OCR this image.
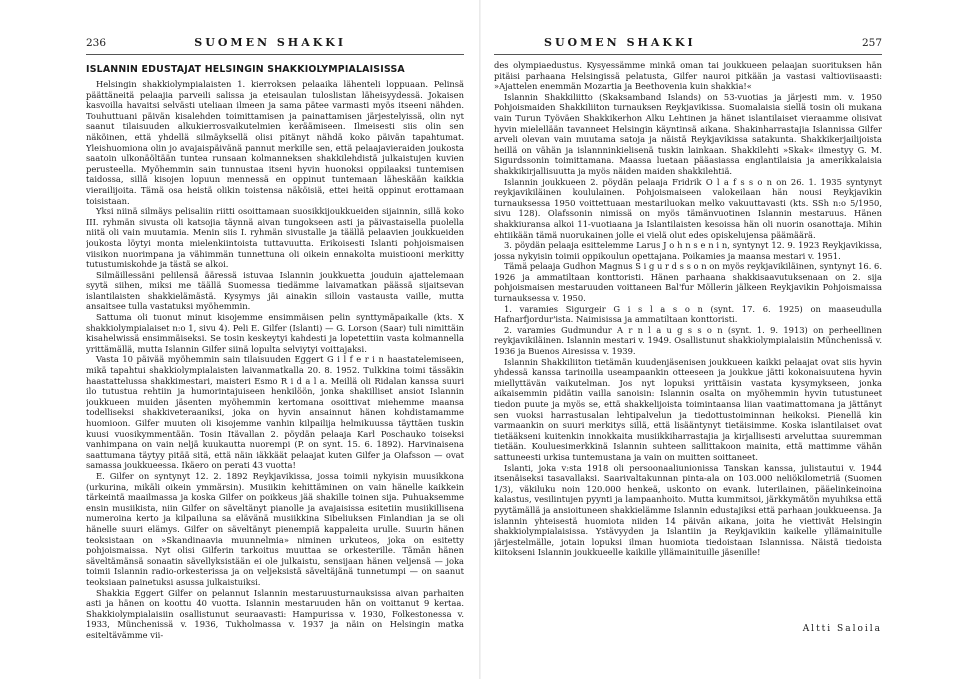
236	SUOMEN SHAKKI
ISLANNIN EDUSTAJAT HELSINGIN SHAKKIOLYMPIALAISISSA

Helsingin shakkiolympialaisten 1. kierroksen pelaaika lähenteli loppuaan. Pelinsä päättäneitä pelaajia parveili salissa ja eteisaulan tuloslistan läheisyydessä. Jokaisen kasvoilla havaitsi selvästi uteliaan ilmeen ja sama pätee varmasti myös itseeni nähden. Touhuttuani päivän kisalehden toimittamisen ja painattamisen järjestelyissä, olin nyt saanut tilaisuuden alkukierrosvaikutelmien keräämiseen. Ilmeisesti siis olin sen näköinen, että yhdellä silmäyksellä olisi pitänyt nähdä koko päivän tapahtumat. Yleishuomiona olin jo avajaispäivänä pannut merkille sen, että pelaajavieraiden joukosta saatoin ulkonäöltään tuntea runsaan kolmanneksen shakkilehdistä julkaistujen kuvien perusteella. Myöhemmin sain tunnustaa itseni hyvin huonoksi oppilaaksi tuntemisen taidossa, sillä kisojen lopuun mennessä en oppinut tuntemaan läheskään kaikkia vierailijoita. Tämä osa heistä olikin toistensa näköisiä, ettei heitä oppinut erottamaan toisistaan.

Yksi niinä silmäys pelisaliin riitti osoittamaan suosikkijoukkueiden sijainnin, sillä koko III. ryhmän sivusta oli katsojia täynnä aivan tungokseen asti ja päivastaisella puolella niitä oli vain muutamia. Menin siis I. ryhmän sivustalle ja täällä pelaavien joukkueiden joukosta löytyi monta mielenkiintoista tuttavuutta. Erikoisesti Islanti pohjoismaisen viisikon nuorimpana ja vähimmän tunnettuna oli oikein ennakolta muistiooni merkitty tutustumiskohde ja tästä se alkoi.

Silmäillessäni pelilensä ääressä istuvaa Islannin joukkuetta jouduin ajattelemaan syytä siihen, miksi me täällä Suomessa tiedämme laivamatkan päässä sijaitsevan islantilaisten shakkielämästä. Kysymys jäi ainakin silloin vastausta vaille, mutta ansaitsee tulla vastatuksi myöhemmin.

Sattuma oli tuonut minut kisojemme ensimmäisen pelin synttymäpaikalle (kts. X shakkiolympialaiset n:o 1, sivu 4). Peli E. Gilfer (Islanti) — G. Lorson (Saar) tuli nimittäin kisahelwissä ensimmäiseksi. Se tosin keskeytyi kahdesti ja lopetettiin vasta kolmannella yrittämällä, mutta Islannin Gilfer siinä lopulta selviytyi voittajaksi.

Vasta 10 päivää myöhemmin sain tilaisuuden Eggert G i l f e r i n haastatelemiseen, mikä tapahtui shakkiolympialaisten laivanmatkalla 20. 8. 1952. Tulkkina toimi tässäkin haastattelussa shakkimestari, maisteri Esmo R i d a l a. Meillä oli Ridalan kanssa suuri ilo tutustua rehtiin ja humorintajuiseen henkilöön, jonka shakilliset ansiot Islannin joukkueen muiden jäsenten myöhemmin kertomana osoittivat miehemme maansa todelliseksi shakkiveteraaniksi, joka on hyvin ansainnut hänen kohdistamamme huomioon. Gilfer muuten oli kisojemme vanhin kilpailija helmikuussa täyttäen tuskin kuusi vuosikymmentään. Tosin Itävallan 2. pöydän pelaaja Karl Poschauko toiseksi vanhimpana on vain neljä kuukautta nuorempi (P. on synt. 15. 6. 1892). Harvinaisena saattumana täytyy pitää sitä, että näin iäkkäät pelaajat kuten Gilfer ja Olafsson — ovat samassa joukkueessa. Ikäero on perati 43 vuotta!

E. Gilfer on syntynyt 12. 2. 1892 Reykjavikissa, jossa toimii nykyisin muusikkona (urkurina, mikäli oikein ymmärsin). Musiikin kehittäminen on vain hänelle kaikkein tärkeintä maailmassa ja koska Gilfer on poikkeus jää shakille toinen sija. Puhuaksemme ensin musiikista, niin Gilfer on säveltänyt pianolle ja avajaisissa esitetiin musiikillisena numeroina kerto ja kilpailuna sa elävänä musiikkina Sibeliuksen Finlandian ja se oli hänelle suuri elämys. Gilfer on säveltänyt pienempiä kappaleita urulle. Suurin hänen teoksistaan on »Skandinaavia muunnelmia» niminen urkuteos, joka on esitetty pohjoismaissa. Nyt olisi Gilferin tarkoitus muuttaa se orkesterille. Tämän hänen säveltämänsä sonaatin sävellyksistään ei ole julkaistu, sensijaan hänen veljensä — joka toimii Islannin radio-orkesterissa ja on veljeksistä säveltäjänä tunnetumpi — on saanut teoksiaan painetuksi asussa julkaistuiksi.

Shakkia Eggert Gilfer on pelannut Islannin mestaruusturnauksissa aivan parhaiten asti ja hänen on koottu 40 vuotta. Islannin mestaruuden hän on voittanut 9 kertaa. Shakkiolympialaisiin osallistunut seuraavasti: Hampurissa v. 1930, Folkestonessa v. 1933, Münchenissä v. 1936, Tukholmassa v. 1937 ja näin on Helsingin matka esiteltävämme vii-

SUOMEN SHAKKI	257

des olympiaedustus. Kysyessämme minkä oman tai joukkueen pelaajan suorituksen hän pitäisi parhaana Helsingissä pelatusta, Gilfer nauroi pitkään ja vastasi valtioviisaasti: »Ajattelen enemmän Mozartia ja Beethovenia kuin shakkia!«

Islannin Shakkiliitto (Skaksamband Islands) on 53-vuotias ja järjesti mm. v. 1950 Pohjoismaiden Shakkiliiton turnauksen Reykjavikissa. Suomalaisia siellä tosin oli mukana vain Turun Työväen Shakkikerhon Alku Lehtinen ja hänet islantilaiset vieraamme olisivat hyvin mielellään tavanneet Helsingin käyntinsä aikana. Shakinharrastajia Islannissa Gilfer arveli olevan vain muutama satoja ja näistä Reykjavikissa satakunta. Shakkikerjailijoista heillä on vähän ja islannninkielisenä tuskin lainkaan. Shakkilehti »Skak« ilmestyy G. M. Sigurdssonin toimittamana. Maassa luetaan pääasiassa englantilaisia ja amerikkalaisia shakkikirjallisuutta ja myös näiden maiden shakkilehtiä.

Islannin joukkueen 2. pöydän pelaaja Fridrik O l a f s s o n on 26. 1. 1935 syntynyt reykjavikiläinen koululainen. Pohjoismaiseen valokeilaan hän nousi Reykjavikin turnauksessa 1950 voittettuaan mestariluokan melko vakuuttavasti (kts. SSh n:o 5/1950, sivu 128). Olafssonin nimissä on myös tämänvuotinen Islannin mestaruus. Hänen shakkiuransa alkoi 11-vuotiaana ja Islantilaisten kesoissa hän oli nuorin osanottaja. Mihin ehtiikään tämä nuorukainen jolle ei vielä olut edes opiskelujensa päämäärä.

3. pöydän pelaaja esittelemme Larus J o h n s e n i n, syntynyt 12. 9. 1923 Reykjavikissa, jossa nykyisin toimii oppikoulun opettajana. Poikamies ja maansa mestari v. 1951.

Tämä pelaaja Gudhon Magnus S i g u r d s s o n on myös reykjavikiläinen, syntynyt 16. 6. 1926 ja ammatiltaan konttoristi. Hänen parhaana shakkisaavutuksenaan on 2. sija pohjoismaisen mestaruuden voittaneen Bal'fur Möllerin jälkeen Reykjavikin Pohjoismaissa turnauksessa v. 1950.

1. varamies Sigurgeir G i s l a s o n (synt. 17. 6. 1925) on maaseudulla Hafnarfjordur'ista. Naimisissa ja ammatiltaan konttoristi.

2. varamies Gudmundur A r n l a u g s s o n (synt. 1. 9. 1913) on perheellinen reykjavikiläinen. Islannin mestari v. 1949. Osallistunut shakkiolympialaisiin Münchenissä v. 1936 ja Buenos Airesissa v. 1939.

Islannin Shakkiliiton tietämän kuudenjäsenisen joukkueen kaikki pelaajat ovat siis hyvin yhdessä kanssa tarinoilla useampaankin otteeseen ja joukkue jätti kokonaisuutena hyvin miellyttävän vaikutelman. Jos nyt lopuksi yrittäisin vastata kysymykseen, jonka aikaisemmin pidätin vailla sanoisin: Islannin osalta on myöhemmin hyvin tutustuneet tiedon puute ja myös se, että shakkelijoista toimintaansa liian vaatimattomana ja jättänyt sen vuoksi harrastusalan lehtipalvelun ja tiedottustoiminnan heikoksi. Pienellä kin varmaankin on suuri merkitys sillä, että lisääntynyt tietäisimme. Koska islantilaiset ovat tietääkseni kuitenkin innokkaita musiikkiharrastajia ja kirjallisesti arveluttaa suuremman tietään. Kouluesimerkkinä Islannin suhteen sallittakoon mainita, että mattimme vähän sattuneesti urkisa tuntemustana ja vain on muitten soittaneet.

Islanti, joka v:sta 1918 oli persoonaaliunionissa Tanskan kanssa, julistautui v. 1944 itsenäiseksi tasavallaksi. Saarivaltakunnan pinta-ala on 103.000 neliökilometriä (Suomen 1/3), väkiluku noin 120.000 henkeä, uskonto on evank. luterilainen, pääelinkeinoina kalastus, vesilintujen pyynti ja lampaanhoito. Mutta kummitsoi, järkkymätön myuhiksa että pyytämällä ja ansioituneen shakkielämme Islannin edustajiksi että parhaan joukkueensa. Ja islannin yhteisestä huomiota niiden 14 päivän aikana, joita he viettivät Helsingin shakkiolympialaisissa. Ystävyyden ja Islantiin ja Reykjavikiin kaikelle yllämainitulle järjestelmälle, jotain lopuksi ilman huomiota tiedoistaan Islannissa. Näistä tiedoista kiitokseni Islannin joukkueelle kaikille yllämainituille jäsenille!

Altti Saloila
